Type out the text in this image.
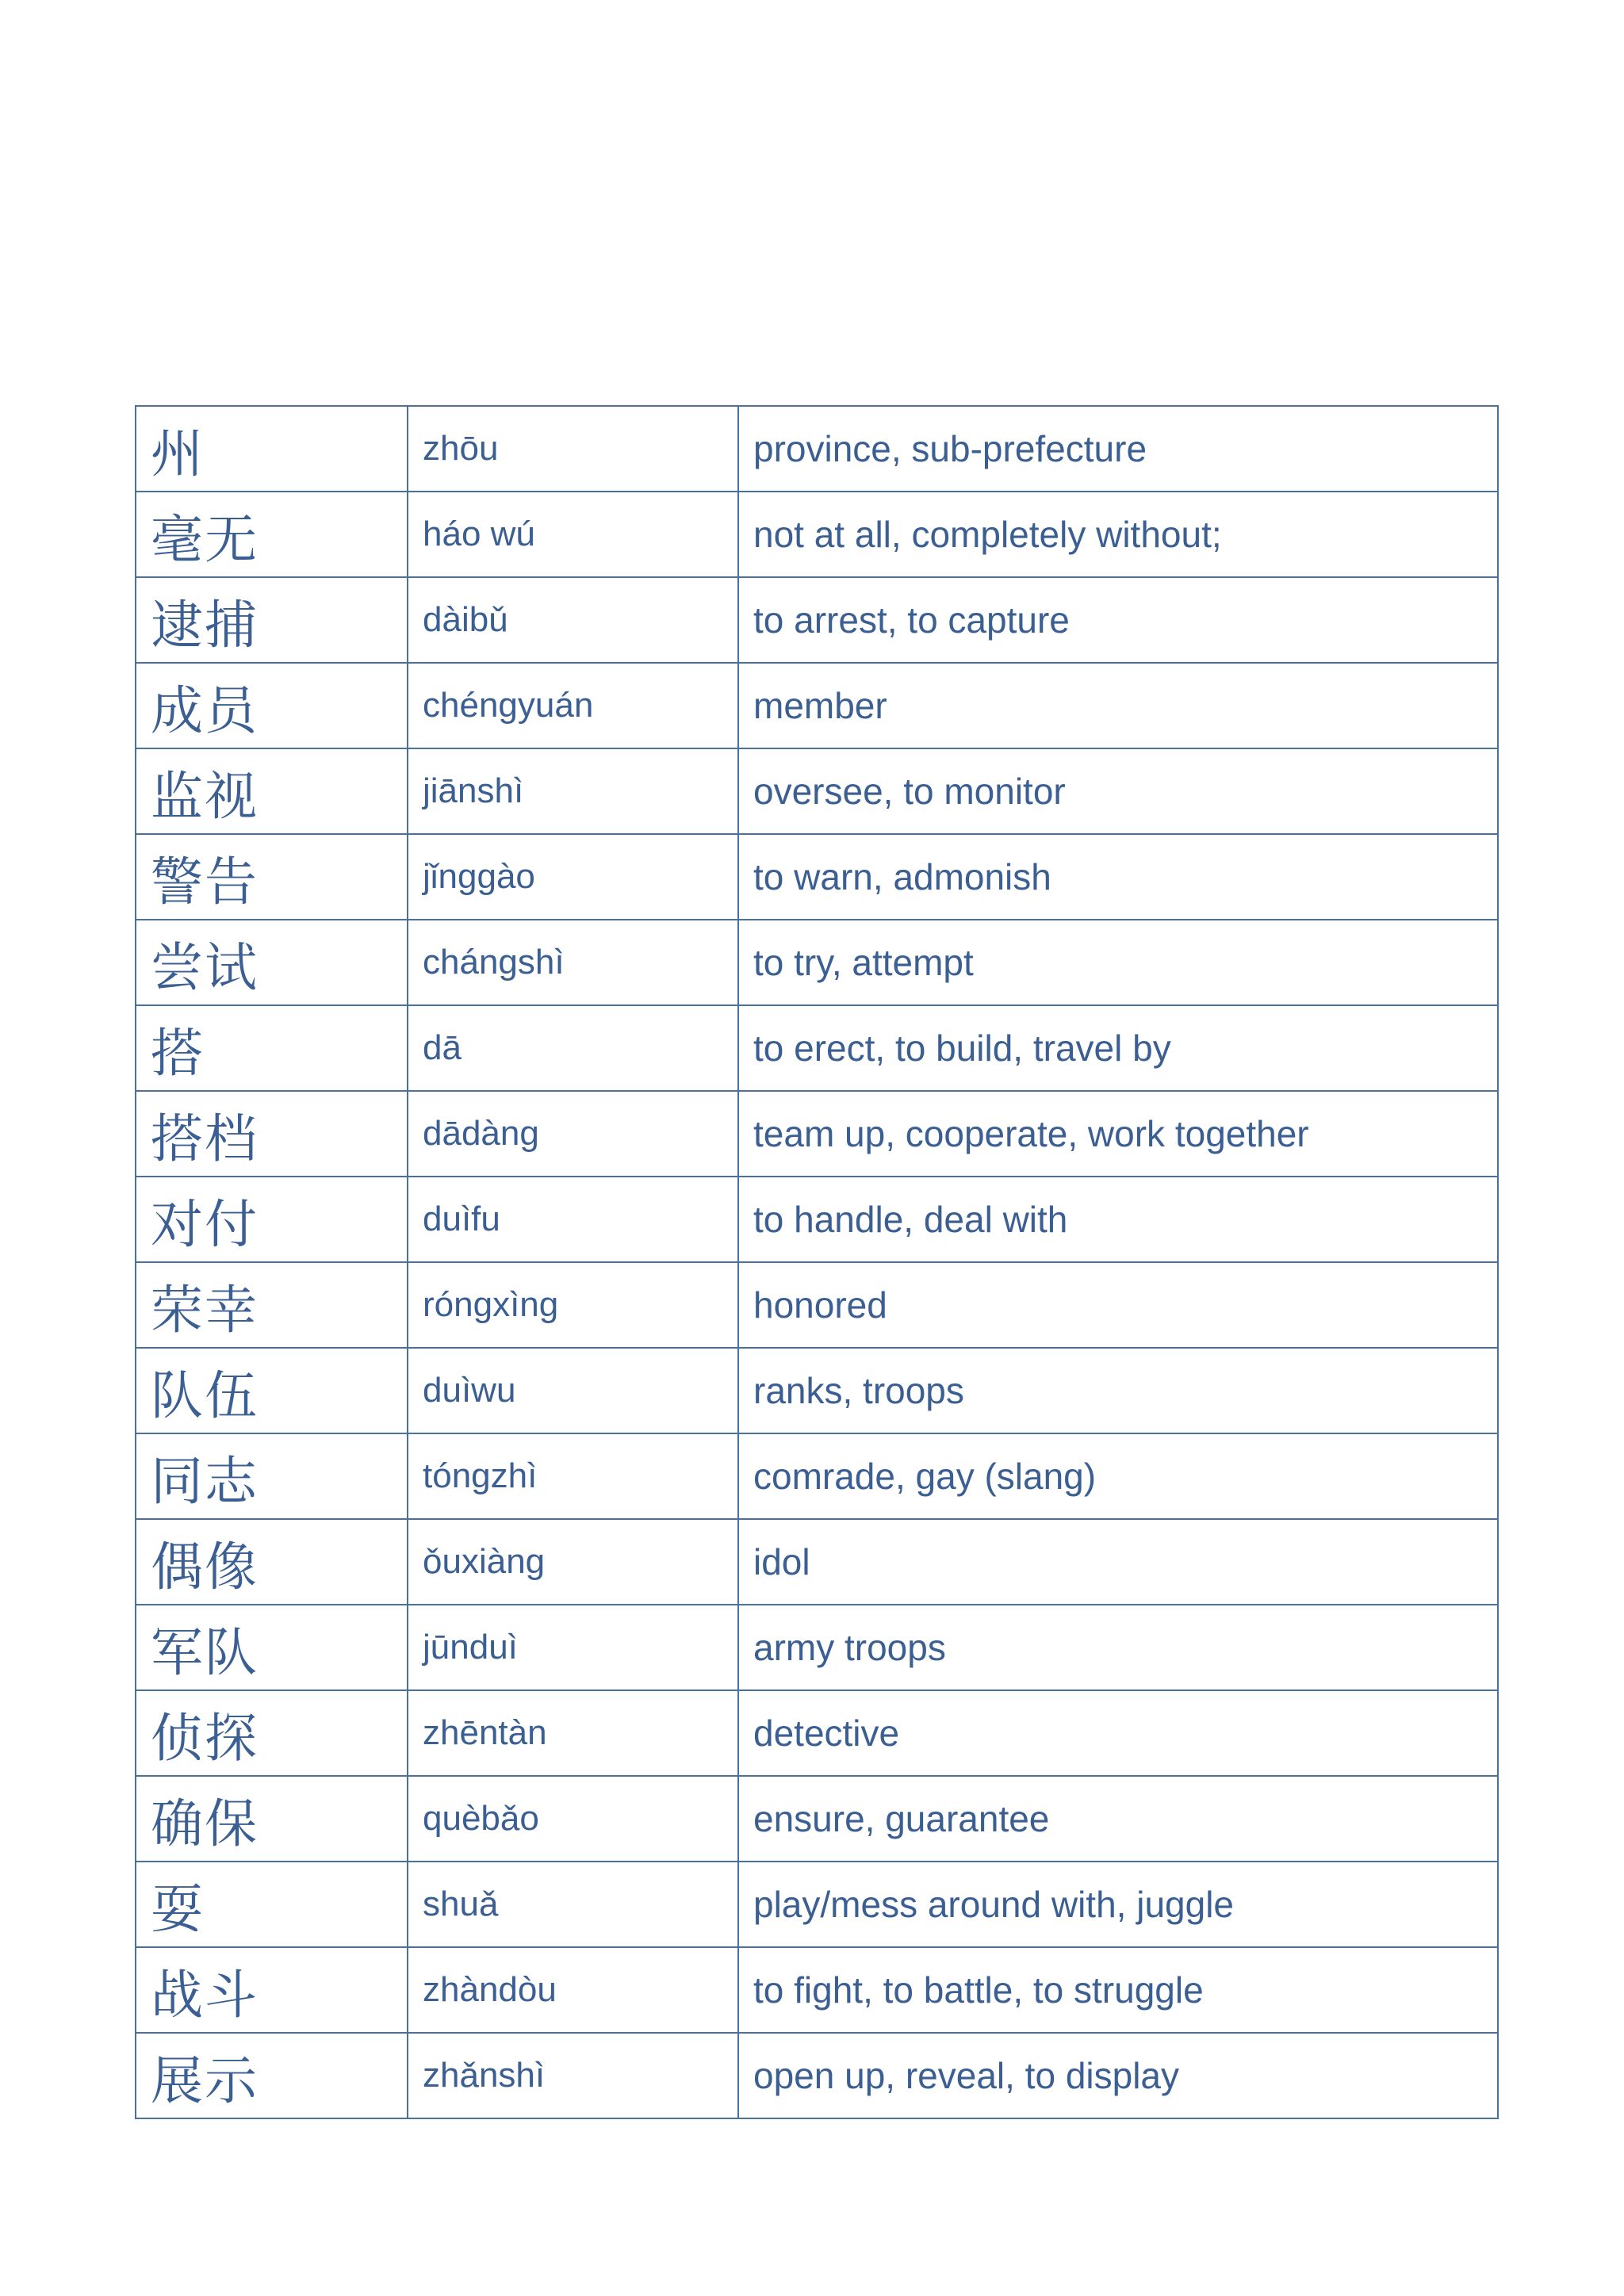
州	zhōu	province, sub-prefecture
毫无	háo wú	not at all, completely without;
逮捕	dàibǔ	to arrest, to capture
成员	chéngyuán	member
监视	jiānshì	oversee, to monitor
警告	jǐnggào	to warn, admonish
尝试	chángshì	to try, attempt
搭	dā	to erect, to build, travel by
搭档	dādàng	team up, cooperate, work together
对付	duìfu	to handle, deal with
荣幸	róngxìng	honored
队伍	duìwu	ranks, troops
同志	tóngzhì	comrade, gay (slang)
偶像	ǒuxiàng	idol
军队	jūnduì	army troops
侦探	zhēntàn	detective
确保	quèbǎo	ensure, guarantee
耍	shuǎ	play/mess around with, juggle
战斗	zhàndòu	to fight, to battle, to struggle
展示	zhǎnshì	open up, reveal, to display
